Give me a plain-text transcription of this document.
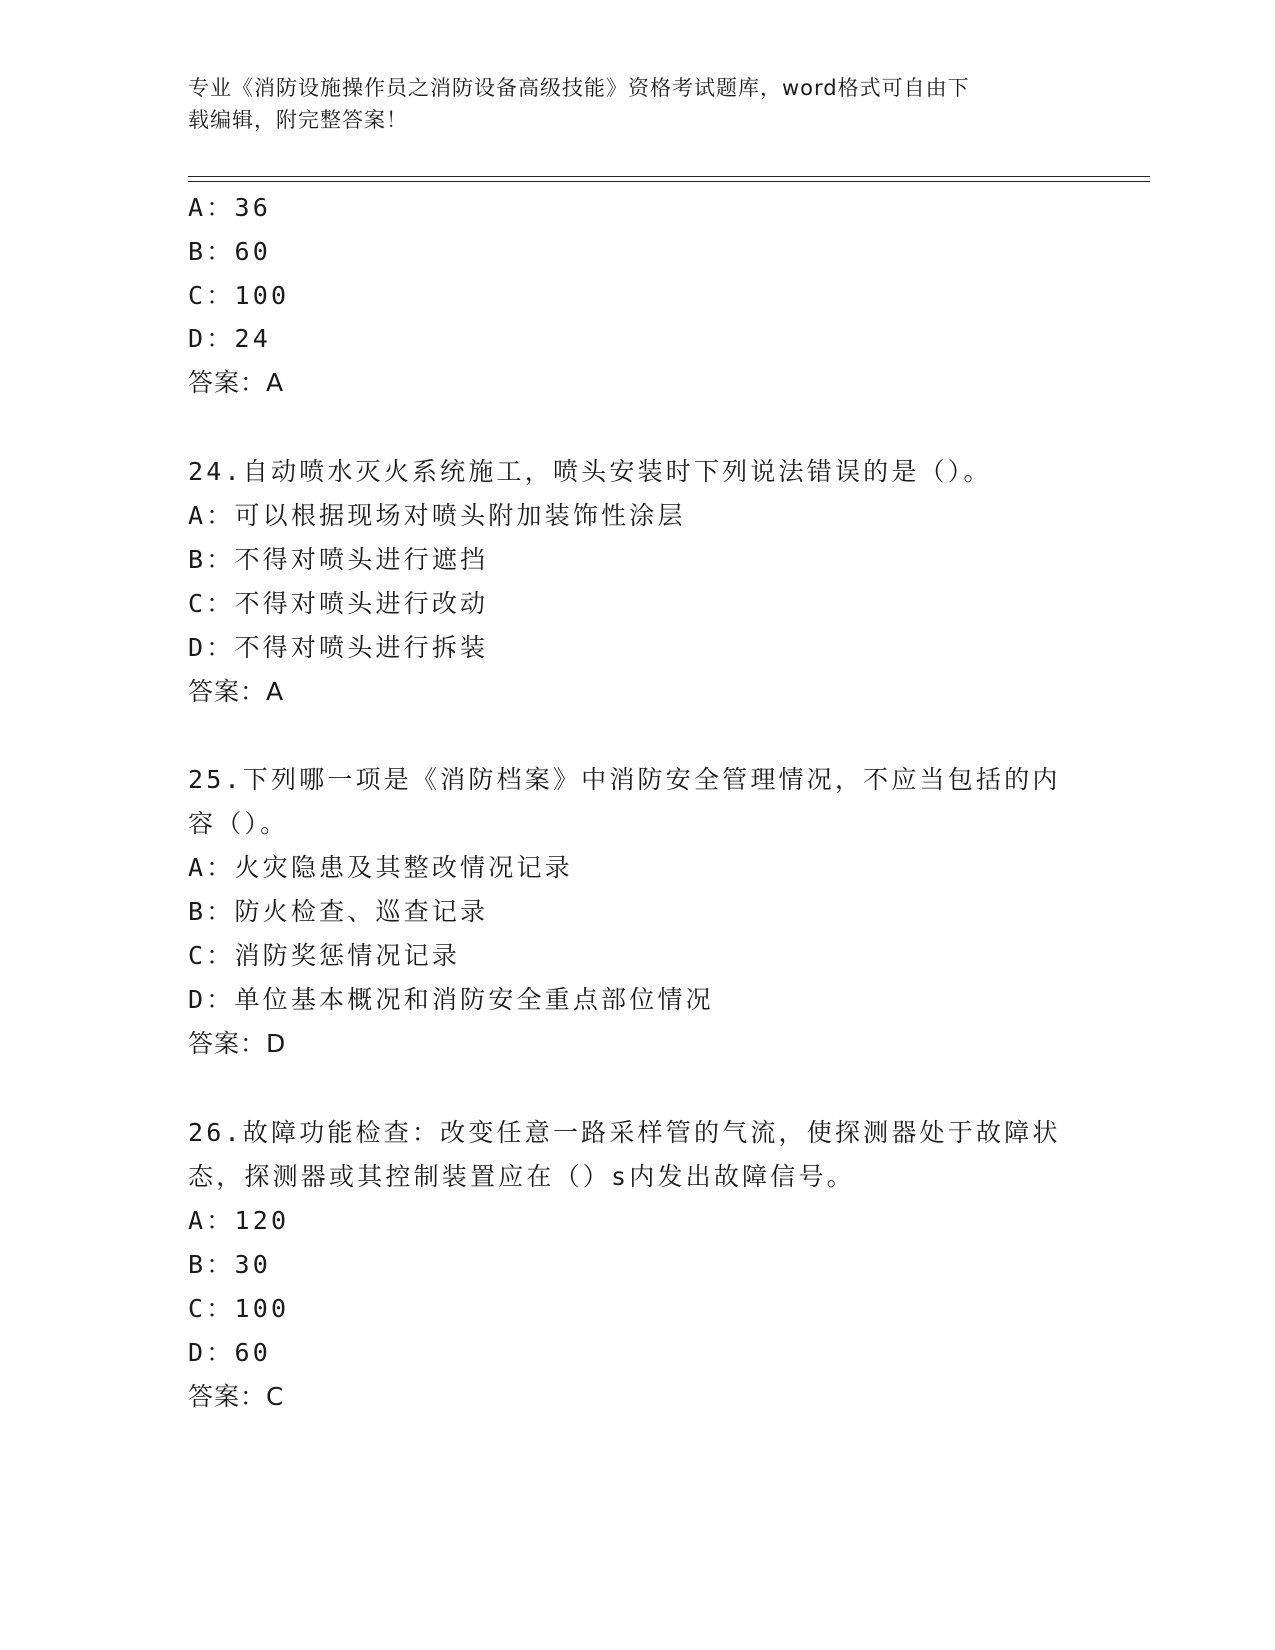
专业《消防设施操作员之消防设备高级技能》资格考试题库，word格式可自由下
载编辑，附完整答案！
A：36
B：60
C：100
D：24
答案：A
24.自动喷水灭火系统施工，喷头安装时下列说法错误的是（）。
A：可以根据现场对喷头附加装饰性涂层
B：不得对喷头进行遮挡
C：不得对喷头进行改动
D：不得对喷头进行拆装
答案：A
25.下列哪一项是《消防档案》中消防安全管理情况，不应当包括的内
容（）。
A：火灾隐患及其整改情况记录
B：防火检查、巡查记录
C：消防奖惩情况记录
D：单位基本概况和消防安全重点部位情况
答案：D
26.故障功能检查：改变任意一路采样管的气流，使探测器处于故障状
态，探测器或其控制装置应在（）s内发出故障信号。
A：120
B：30
C：100
D：60
答案：C
